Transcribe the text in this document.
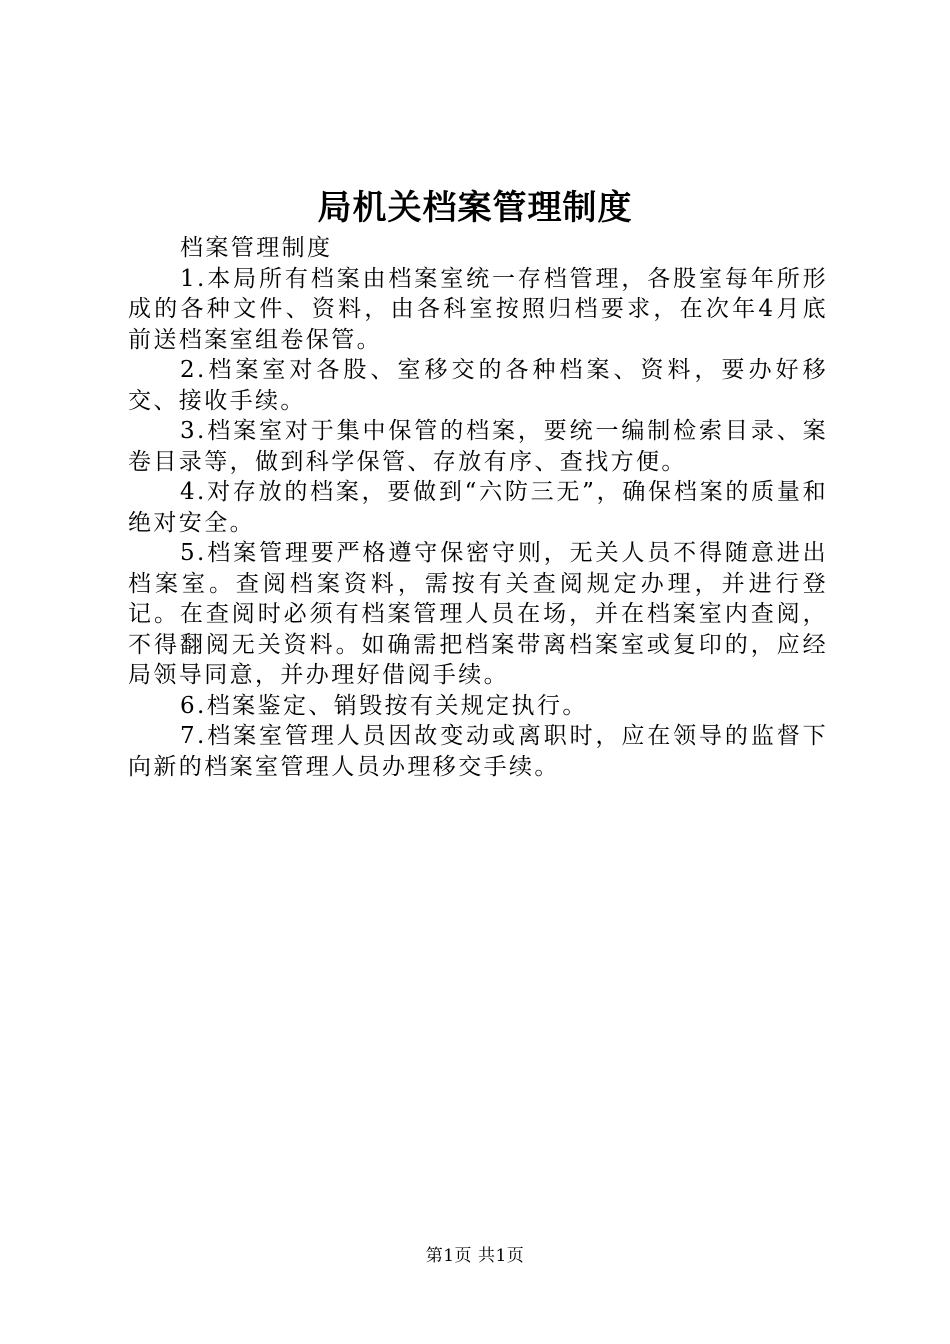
局机关档案管理制度

档案管理制度

1.本局所有档案由档案室统一存档管理，各股室每年所形成的各种文件、资料，由各科室按照归档要求，在次年4月底前送档案室组卷保管。

2.档案室对各股、室移交的各种档案、资料，要办好移交、接收手续。

3.档案室对于集中保管的档案，要统一编制检索目录、案卷目录等，做到科学保管、存放有序、查找方便。

4.对存放的档案，要做到“六防三无”，确保档案的质量和绝对安全。

5.档案管理要严格遵守保密守则，无关人员不得随意进出档案室。查阅档案资料，需按有关查阅规定办理，并进行登记。在查阅时必须有档案管理人员在场，并在档案室内查阅，不得翻阅无关资料。如确需把档案带离档案室或复印的，应经局领导同意，并办理好借阅手续。

6.档案鉴定、销毁按有关规定执行。

7.档案室管理人员因故变动或离职时，应在领导的监督下向新的档案室管理人员办理移交手续。

第1页 共1页
